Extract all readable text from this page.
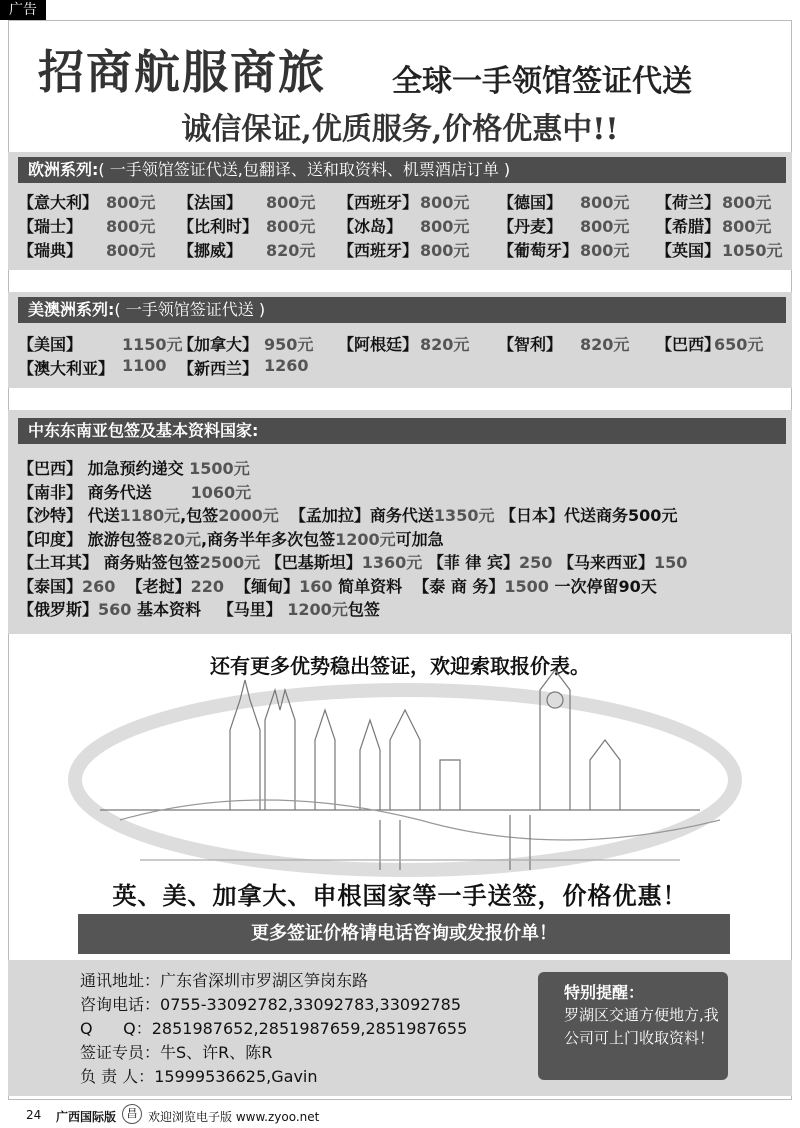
广告
招商航服商旅 全球一手领馆签证代送
诚信保证,优质服务,价格优惠中!!
欧洲系列:( 一手领馆签证代送,包翻译、送和取资料、机票酒店订单 )
【意大利】 800元 【法国】 800元 【西班牙】 800元 【德国】 800元 【荷兰】 800元
【瑞士】 800元 【比利时】 800元 【冰岛】 800元 【丹麦】 800元 【希腊】 800元
【瑞典】 800元 【挪威】 820元 【西班牙】 800元 【葡萄牙】 800元 【英国】 1050元
美澳洲系列:( 一手领馆签证代送 )
【美国】 1150元
【加拿大】 950元 【阿根廷】 820元 【智利】 820元 【巴西】
650元
【澳大利亚】 1100 【新西兰】 1260
中东东南亚包签及基本资料国家:
【巴西】 加急预约递交 1500元
【南非】 商务代送       1060元
【沙特】 代送1180元,包签2000元  【孟加拉】商务代送1350元 【日本】代送商务500元
【印度】 旅游包签820元,商务半年多次包签1200元可加急
【土耳其】 商务贴签包签2500元 【巴基斯坦】1360元 【菲 律 宾】250 【马来西亚】150
【泰国】260  【老挝】220  【缅甸】160 简单资料  【泰 商 务】1500 一次停留90天
【俄罗斯】560 基本资料   【马里】 1200元包签
还有更多优势稳出签证，欢迎索取报价表。
英、美、加拿大、申根国家等一手送签，价格优惠！
更多签证价格请电话咨询或发报价单！
通讯地址：广东省深圳市罗湖区笋岗东路
咨询电话：0755-33092782,33092783,33092785
Q      Q：2851987652,2851987659,2851987655
签证专员：牛S、许R、陈R
负 责 人：15999536625,Gavin
特别提醒：
罗湖区交通方便地方,我公司可上门收取资料！
24 广西国际版 昌 欢迎浏览电子版 www.zyoo.net
